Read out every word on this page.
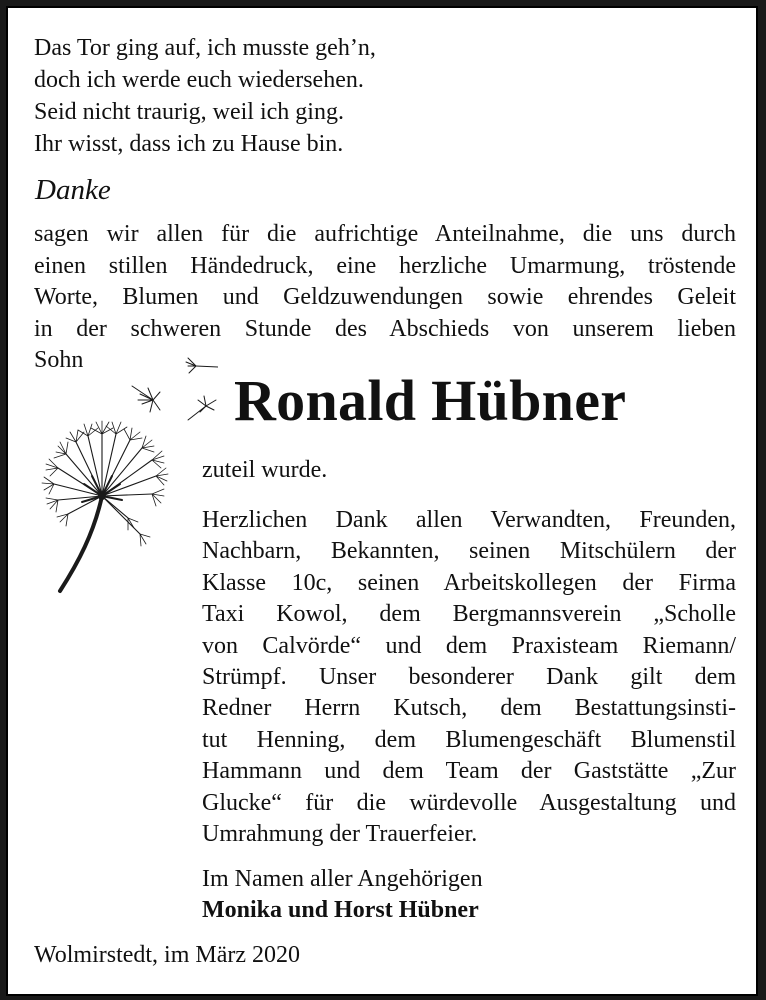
Das Tor ging auf, ich musste geh’n,
doch ich werde euch wiedersehen.
Seid nicht traurig, weil ich ging.
Ihr wisst, dass ich zu Hause bin.
Danke
sagen wir allen für die aufrichtige Anteilnahme, die uns durch
einen stillen Händedruck, eine herzliche Umarmung, tröstende
Worte, Blumen und Geldzuwendungen sowie ehrendes Geleit
in der schweren Stunde des Abschieds von unserem lieben
Sohn
Ronald Hübner
zuteil wurde.
Herzlichen Dank allen Verwandten, Freunden,
Nachbarn, Bekannten, seinen Mitschülern der
Klasse 10c, seinen Arbeitskollegen der Firma
Taxi Kowol, dem Bergmannsverein „Scholle
von Calvörde“ und dem Praxisteam Riemann/
Strümpf. Unser besonderer Dank gilt dem
Redner Herrn Kutsch, dem Bestattungsinsti-
tut Henning, dem Blumengeschäft Blumenstil
Hammann und dem Team der Gaststätte „Zur
Glucke“ für die würdevolle Ausgestaltung und
Umrahmung der Trauerfeier.
Im Namen aller Angehörigen
Monika und Horst Hübner
Wolmirstedt, im März 2020
